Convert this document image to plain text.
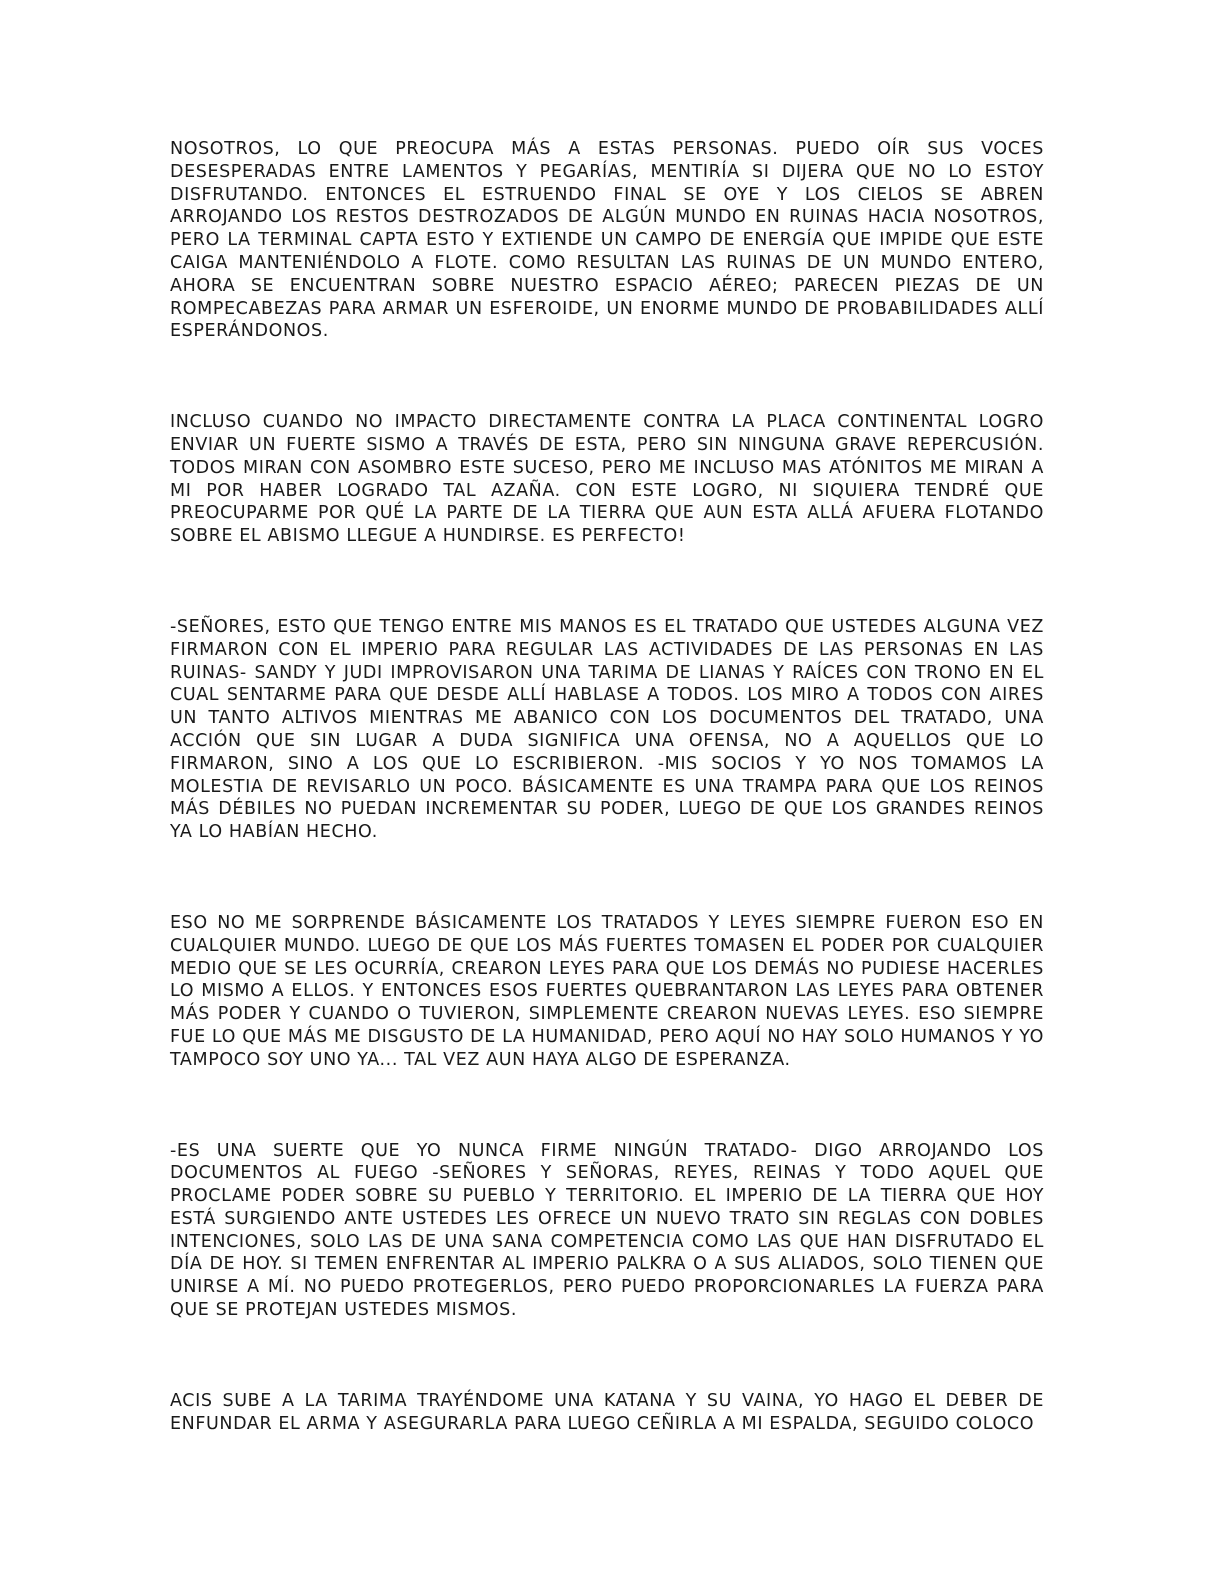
NOSOTROS, LO QUE PREOCUPA MÁS A ESTAS PERSONAS. PUEDO OÍR SUS VOCES DESESPERADAS ENTRE LAMENTOS Y PEGARÍAS, MENTIRÍA SI DIJERA QUE NO LO ESTOY DISFRUTANDO. ENTONCES EL ESTRUENDO FINAL SE OYE Y LOS CIELOS SE ABREN ARROJANDO LOS RESTOS DESTROZADOS DE ALGÚN MUNDO EN RUINAS HACIA NOSOTROS, PERO LA TERMINAL CAPTA ESTO Y EXTIENDE UN CAMPO DE ENERGÍA QUE IMPIDE QUE ESTE CAIGA MANTENIÉNDOLO A FLOTE. COMO RESULTAN LAS RUINAS DE UN MUNDO ENTERO, AHORA SE ENCUENTRAN SOBRE NUESTRO ESPACIO AÉREO; PARECEN PIEZAS DE UN ROMPECABEZAS PARA ARMAR UN ESFEROIDE, UN ENORME MUNDO DE PROBABILIDADES ALLÍ ESPERÁNDONOS.

INCLUSO CUANDO NO IMPACTO DIRECTAMENTE CONTRA LA PLACA CONTINENTAL LOGRO ENVIAR UN FUERTE SISMO A TRAVÉS DE ESTA, PERO SIN NINGUNA GRAVE REPERCUSIÓN. TODOS MIRAN CON ASOMBRO ESTE SUCESO, PERO ME INCLUSO MAS ATÓNITOS ME MIRAN A MI POR HABER LOGRADO TAL AZAÑA. CON ESTE LOGRO, NI SIQUIERA TENDRÉ QUE PREOCUPARME POR QUÉ LA PARTE DE LA TIERRA QUE AUN ESTA ALLÁ AFUERA FLOTANDO SOBRE EL ABISMO LLEGUE A HUNDIRSE. ES PERFECTO!

-SEÑORES, ESTO QUE TENGO ENTRE MIS MANOS ES EL TRATADO QUE USTEDES ALGUNA VEZ FIRMARON CON EL IMPERIO PARA REGULAR LAS ACTIVIDADES DE LAS PERSONAS EN LAS RUINAS- SANDY Y JUDI IMPROVISARON UNA TARIMA DE LIANAS Y RAÍCES CON TRONO EN EL CUAL SENTARME PARA QUE DESDE ALLÍ HABLASE A TODOS. LOS MIRO A TODOS CON AIRES UN TANTO ALTIVOS MIENTRAS ME ABANICO CON LOS DOCUMENTOS DEL TRATADO, UNA ACCIÓN QUE SIN LUGAR A DUDA SIGNIFICA UNA OFENSA, NO A AQUELLOS QUE LO FIRMARON, SINO A LOS QUE LO ESCRIBIERON. -MIS SOCIOS Y YO NOS TOMAMOS LA MOLESTIA DE REVISARLO UN POCO. BÁSICAMENTE ES UNA TRAMPA PARA QUE LOS REINOS MÁS DÉBILES NO PUEDAN INCREMENTAR SU PODER, LUEGO DE QUE LOS GRANDES REINOS YA LO HABÍAN HECHO.

ESO NO ME SORPRENDE BÁSICAMENTE LOS TRATADOS Y LEYES SIEMPRE FUERON ESO EN CUALQUIER MUNDO. LUEGO DE QUE LOS MÁS FUERTES TOMASEN EL PODER POR CUALQUIER MEDIO QUE SE LES OCURRÍA, CREARON LEYES PARA QUE LOS DEMÁS NO PUDIESE HACERLES LO MISMO A ELLOS. Y ENTONCES ESOS FUERTES QUEBRANTARON LAS LEYES PARA OBTENER MÁS PODER Y CUANDO O TUVIERON, SIMPLEMENTE CREARON NUEVAS LEYES. ESO SIEMPRE FUE LO QUE MÁS ME DISGUSTO DE LA HUMANIDAD, PERO AQUÍ NO HAY SOLO HUMANOS Y YO TAMPOCO SOY UNO YA... TAL VEZ AUN HAYA ALGO DE ESPERANZA.

-ES UNA SUERTE QUE YO NUNCA FIRME NINGÚN TRATADO- DIGO ARROJANDO LOS DOCUMENTOS AL FUEGO -SEÑORES Y SEÑORAS, REYES, REINAS Y TODO AQUEL QUE PROCLAME PODER SOBRE SU PUEBLO Y TERRITORIO. EL IMPERIO DE LA TIERRA QUE HOY ESTÁ SURGIENDO ANTE USTEDES LES OFRECE UN NUEVO TRATO SIN REGLAS CON DOBLES INTENCIONES, SOLO LAS DE UNA SANA COMPETENCIA COMO LAS QUE HAN DISFRUTADO EL DÍA DE HOY. SI TEMEN ENFRENTAR AL IMPERIO PALKRA O A SUS ALIADOS, SOLO TIENEN QUE UNIRSE A MÍ. NO PUEDO PROTEGERLOS, PERO PUEDO PROPORCIONARLES LA FUERZA PARA QUE SE PROTEJAN USTEDES MISMOS.

ACIS SUBE A LA TARIMA TRAYÉNDOME UNA KATANA Y SU VAINA, YO HAGO EL DEBER DE ENFUNDAR EL ARMA Y ASEGURARLA PARA LUEGO CEÑIRLA A MI ESPALDA, SEGUIDO COLOCO
